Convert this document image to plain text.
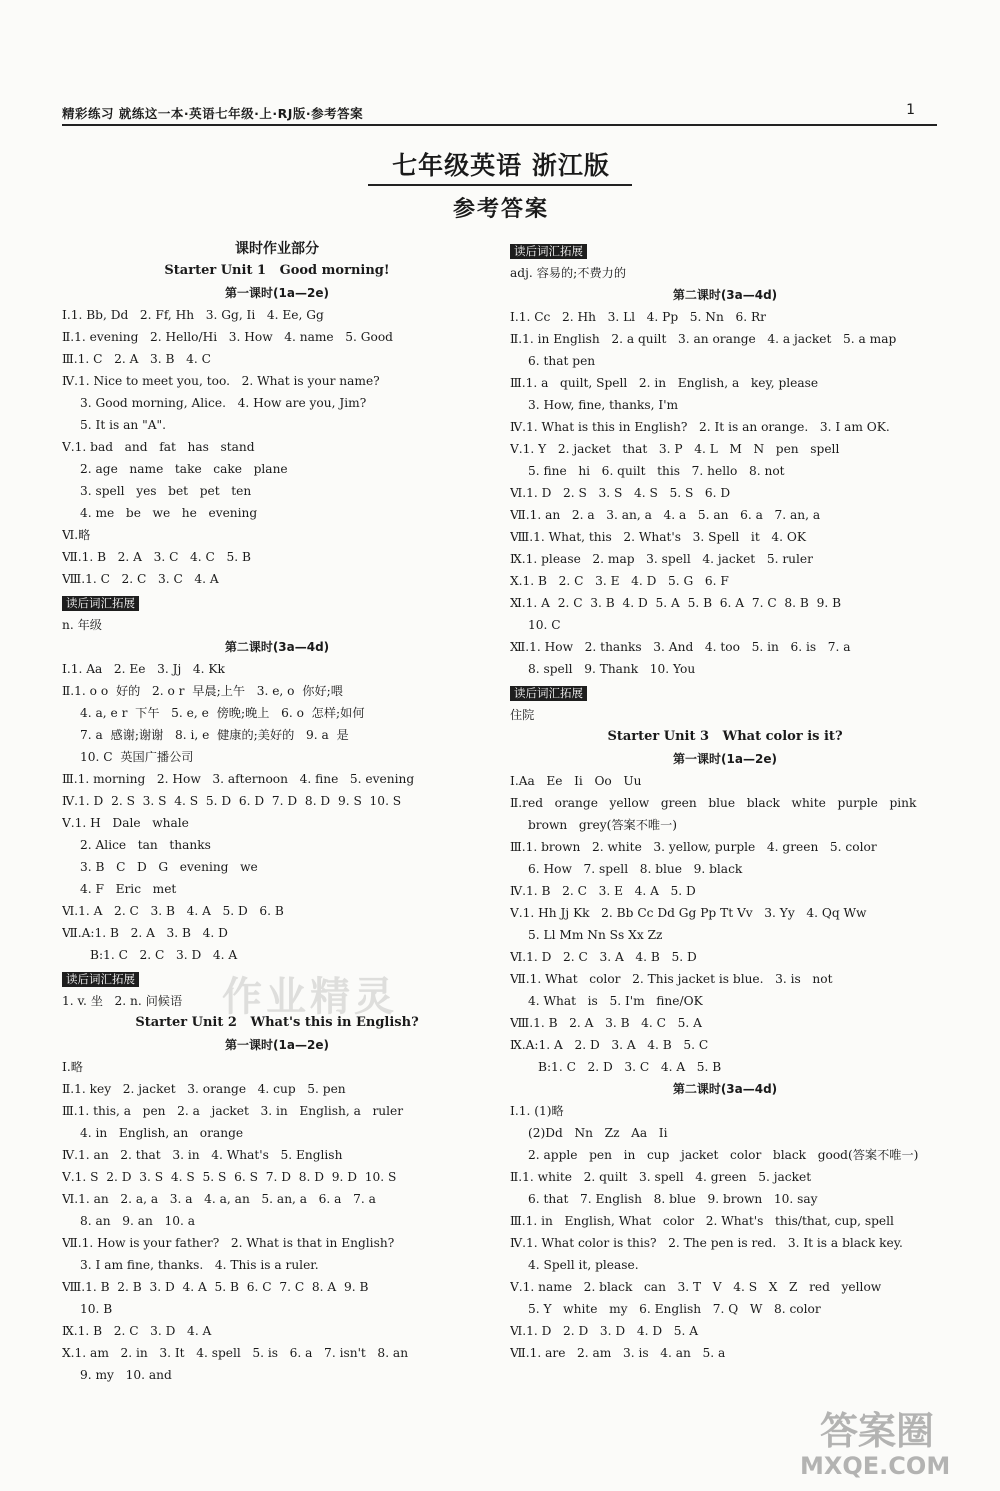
精彩练习 就练这一本·英语七年级·上·RJ版·参考答案	1
七年级英语 浙江版
参考答案
课时作业部分
Starter Unit 1   Good morning!
第一课时(1a—2e)
Ⅰ.1. Bb, Dd   2. Ff, Hh   3. Gg, Ii   4. Ee, Gg
Ⅱ.1. evening   2. Hello/Hi   3. How   4. name   5. Good
Ⅲ.1. C   2. A   3. B   4. C
Ⅳ.1. Nice to meet you, too.   2. What is your name?
3. Good morning, Alice.   4. How are you, Jim?
5. It is an "A".
Ⅴ.1. bad   and   fat   has   stand
2. age   name   take   cake   plane
3. spell   yes   bet   pet   ten
4. me   be   we   he   evening
Ⅵ.略
Ⅶ.1. B   2. A   3. C   4. C   5. B
Ⅷ.1. C   2. C   3. C   4. A
读后词汇拓展
n. 年级
第二课时(3a—4d)
Ⅰ.1. Aa   2. Ee   3. Jj   4. Kk
Ⅱ.1. o o  好的   2. o r  早晨;上午   3. e, o  你好;喂
4. a, e r  下午   5. e, e  傍晚;晚上   6. o  怎样;如何
7. a  感谢;谢谢   8. i, e  健康的;美好的   9. a  是
10. C  英国广播公司
Ⅲ.1. morning   2. How   3. afternoon   4. fine   5. evening
Ⅳ.1. D  2. S  3. S  4. S  5. D  6. D  7. D  8. D  9. S  10. S
Ⅴ.1. H   Dale   whale
2. Alice   tan   thanks
3. B   C   D   G   evening   we
4. F   Eric   met
Ⅵ.1. A   2. C   3. B   4. A   5. D   6. B
Ⅶ.A:1. B   2. A   3. B   4. D
B:1. C   2. C   3. D   4. A
读后词汇拓展
1. v. 坐   2. n. 问候语
Starter Unit 2   What's this in English?
第一课时(1a—2e)
Ⅰ.略
Ⅱ.1. key   2. jacket   3. orange   4. cup   5. pen
Ⅲ.1. this, a   pen   2. a   jacket   3. in   English, a   ruler
4. in   English, an   orange
Ⅳ.1. an   2. that   3. in   4. What's   5. English
Ⅴ.1. S  2. D  3. S  4. S  5. S  6. S  7. D  8. D  9. D  10. S
Ⅵ.1. an   2. a, a   3. a   4. a, an   5. an, a   6. a   7. a
8. an   9. an   10. a
Ⅶ.1. How is your father?   2. What is that in English?
3. I am fine, thanks.   4. This is a ruler.
Ⅷ.1. B  2. B  3. D  4. A  5. B  6. C  7. C  8. A  9. B
10. B
Ⅸ.1. B   2. C   3. D   4. A
Ⅹ.1. am   2. in   3. It   4. spell   5. is   6. a   7. isn't   8. an
9. my   10. and
读后词汇拓展
adj. 容易的;不费力的
第二课时(3a—4d)
Ⅰ.1. Cc   2. Hh   3. Ll   4. Pp   5. Nn   6. Rr
Ⅱ.1. in English   2. a quilt   3. an orange   4. a jacket   5. a map
6. that pen
Ⅲ.1. a   quilt, Spell   2. in   English, a   key, please
3. How, fine, thanks, I'm
Ⅳ.1. What is this in English?   2. It is an orange.   3. I am OK.
Ⅴ.1. Y   2. jacket   that   3. P   4. L   M   N   pen   spell
5. fine   hi   6. quilt   this   7. hello   8. not
Ⅵ.1. D   2. S   3. S   4. S   5. S   6. D
Ⅶ.1. an   2. a   3. an, a   4. a   5. an   6. a   7. an, a
Ⅷ.1. What, this   2. What's   3. Spell   it   4. OK
Ⅸ.1. please   2. map   3. spell   4. jacket   5. ruler
Ⅹ.1. B   2. C   3. E   4. D   5. G   6. F
Ⅺ.1. A  2. C  3. B  4. D  5. A  5. B  6. A  7. C  8. B  9. B
10. C
Ⅻ.1. How   2. thanks   3. And   4. too   5. in   6. is   7. a
8. spell   9. Thank   10. You
读后词汇拓展
住院
Starter Unit 3   What color is it?
第一课时(1a—2e)
Ⅰ.Aa   Ee   Ii   Oo   Uu
Ⅱ.red   orange   yellow   green   blue   black   white   purple   pink
brown   grey(答案不唯一)
Ⅲ.1. brown   2. white   3. yellow, purple   4. green   5. color
6. How   7. spell   8. blue   9. black
Ⅳ.1. B   2. C   3. E   4. A   5. D
Ⅴ.1. Hh Jj Kk   2. Bb Cc Dd Gg Pp Tt Vv   3. Yy   4. Qq Ww
5. Ll Mm Nn Ss Xx Zz
Ⅵ.1. D   2. C   3. A   4. B   5. D
Ⅶ.1. What   color   2. This jacket is blue.   3. is   not
4. What   is   5. I'm   fine/OK
Ⅷ.1. B   2. A   3. B   4. C   5. A
Ⅸ.A:1. A   2. D   3. A   4. B   5. C
B:1. C   2. D   3. C   4. A   5. B
第二课时(3a—4d)
Ⅰ.1. (1)略
(2)Dd   Nn   Zz   Aa   Ii
2. apple   pen   in   cup   jacket   color   black   good(答案不唯一)
Ⅱ.1. white   2. quilt   3. spell   4. green   5. jacket
6. that   7. English   8. blue   9. brown   10. say
Ⅲ.1. in   English, What   color   2. What's   this/that, cup, spell
Ⅳ.1. What color is this?   2. The pen is red.   3. It is a black key.
4. Spell it, please.
Ⅴ.1. name   2. black   can   3. T   V   4. S   X   Z   red   yellow
5. Y   white   my   6. English   7. Q   W   8. color
Ⅵ.1. D   2. D   3. D   4. D   5. A
Ⅶ.1. are   2. am   3. is   4. an   5. a
作业精灵
答案圈
MXQE.COM
